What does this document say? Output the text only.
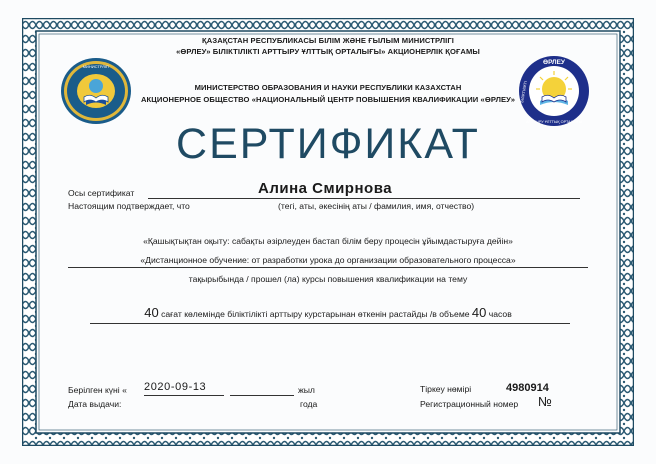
МИНИСТРЛІГІ
ӨРЛЕУ
АРТТЫРУ ҰЛТТЫҚ ОРТАЛЫҒЫ
БІЛІКТІЛІКТІ
ҚАЗАҚСТАН РЕСПУБЛИКАСЫ БІЛІМ ЖӘНЕ ҒЫЛЫМ МИНИСТРЛІГІ
«ӨРЛЕУ» БІЛІКТІЛІКТІ АРТТЫРУ ҰЛТТЫҚ ОРТАЛЫҒЫ» АКЦИОНЕРЛІК ҚОҒАМЫ
МИНИСТЕРСТВО ОБРАЗОВАНИЯ И НАУКИ РЕСПУБЛИКИ КАЗАХСТАН
АКЦИОНЕРНОЕ ОБЩЕСТВО «НАЦИОНАЛЬНЫЙ ЦЕНТР ПОВЫШЕНИЯ КВАЛИФИКАЦИИ «ӨРЛЕУ»
СЕРТИФИКАТ
Осы сертификат	Алина Смирнова
Настоящим подтверждает, что	(тегі, аты, әкесінің аты / фамилия, имя, отчество)
«Қашықтықтан оқыту: сабақты әзірлеуден бастап білім беру процесін ұйымдастыруға дейін»
«Дистанционное обучение: от разработки урока до организации образовательного процесса»
тақырыбында / прошел (ла) курсы повышения квалификации на тему
40 сағат көлемінде біліктілікті арттыру курстарынан өткенін растайды /в объеме 40 часов
Берілген күні « 2020-09-13	жыл
Дата выдачи:	года
Тіркеу нөмірі	4980914
Регистрационный номер №
